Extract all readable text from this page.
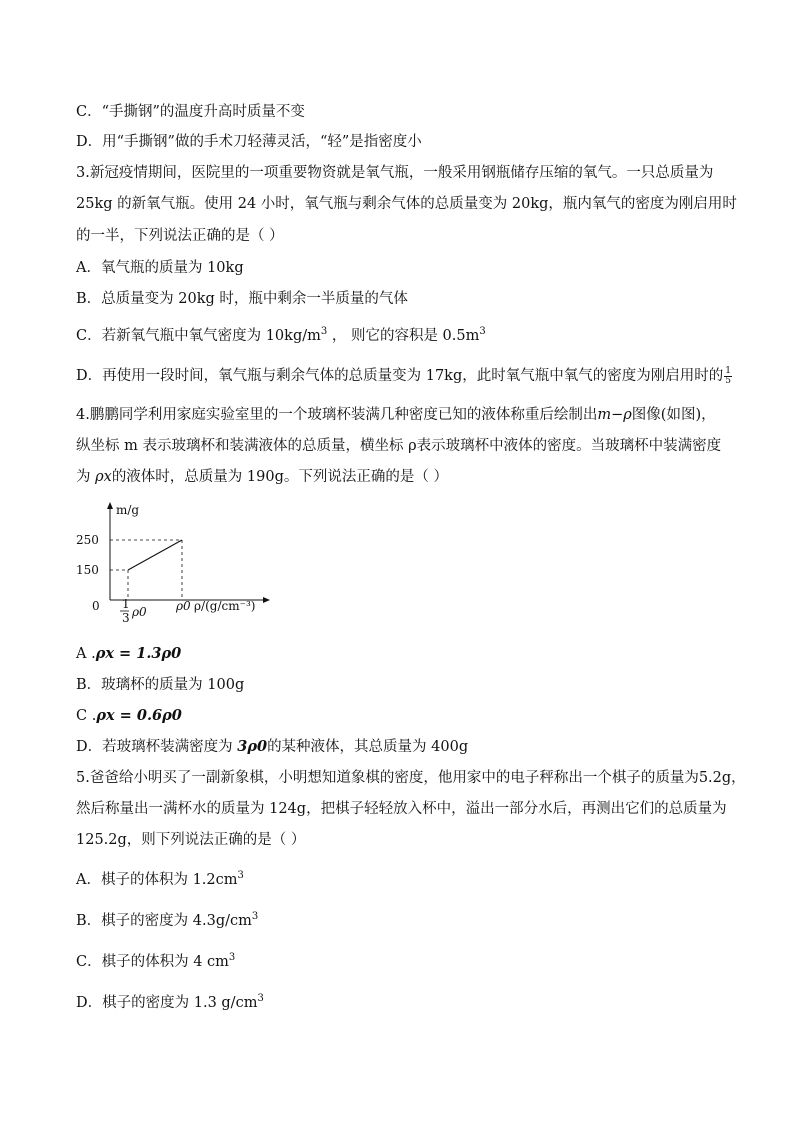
C．“手撕钢”的温度升高时质量不变
D．用“手撕钢”做的手术刀轻薄灵活，“轻”是指密度小
3.新冠疫情期间，医院里的一项重要物资就是氧气瓶，一般采用钢瓶储存压缩的氧气。一只总质量为
25kg 的新氧气瓶。使用 24 小时，氧气瓶与剩余气体的总质量变为 20kg，瓶内氧气的密度为刚启用时
的一半，下列说法正确的是（ ）
A．氧气瓶的质量为 10kg
B．总质量变为 20kg 时，瓶中剩余一半质量的气体
C．若新氧气瓶中氧气密度为 $10kg/m^3$ ， 则它的容积是 $0.5m^3$
D．再使用一段时间，氧气瓶与剩余气体的总质量变为 17kg，此时氧气瓶中氧气的密度为刚启用时的 $\frac{1}{5}$
4.鹏鹏同学利用家庭实验室里的一个玻璃杯装满几种密度已知的液体称重后绘制出m−ρ图像(如图)，
纵坐标 m 表示玻璃杯和装满液体的总质量，横坐标 ρ表示玻璃杯中液体的密度。当玻璃杯中装满密度
为 ρx的液体时，总质量为 190g。下列说法正确的是（ ）
m/g
250
150
0 1
3 ρ0 ρ0 ρ/(g/cm⁻³)
A .ρx = 1.3ρ0
B．玻璃杯的质量为 100g
C .ρx = 0.6ρ0
D．若玻璃杯装满密度为 3ρ0的某种液体，其总质量为 400g
5.爸爸给小明买了一副新象棋，小明想知道象棋的密度，他用家中的电子秤称出一个棋子的质量为5.2g，
然后称量出一满杯水的质量为 124g，把棋子轻轻放入杯中，溢出一部分水后，再测出它们的总质量为
125.2g，则下列说法正确的是（ ）
A．棋子的体积为 $1.2cm^3$
B．棋子的密度为 $4.3g/cm^3$
C．棋子的体积为 4 $cm^3$
D．棋子的密度为 1.3 $g/cm^3$
